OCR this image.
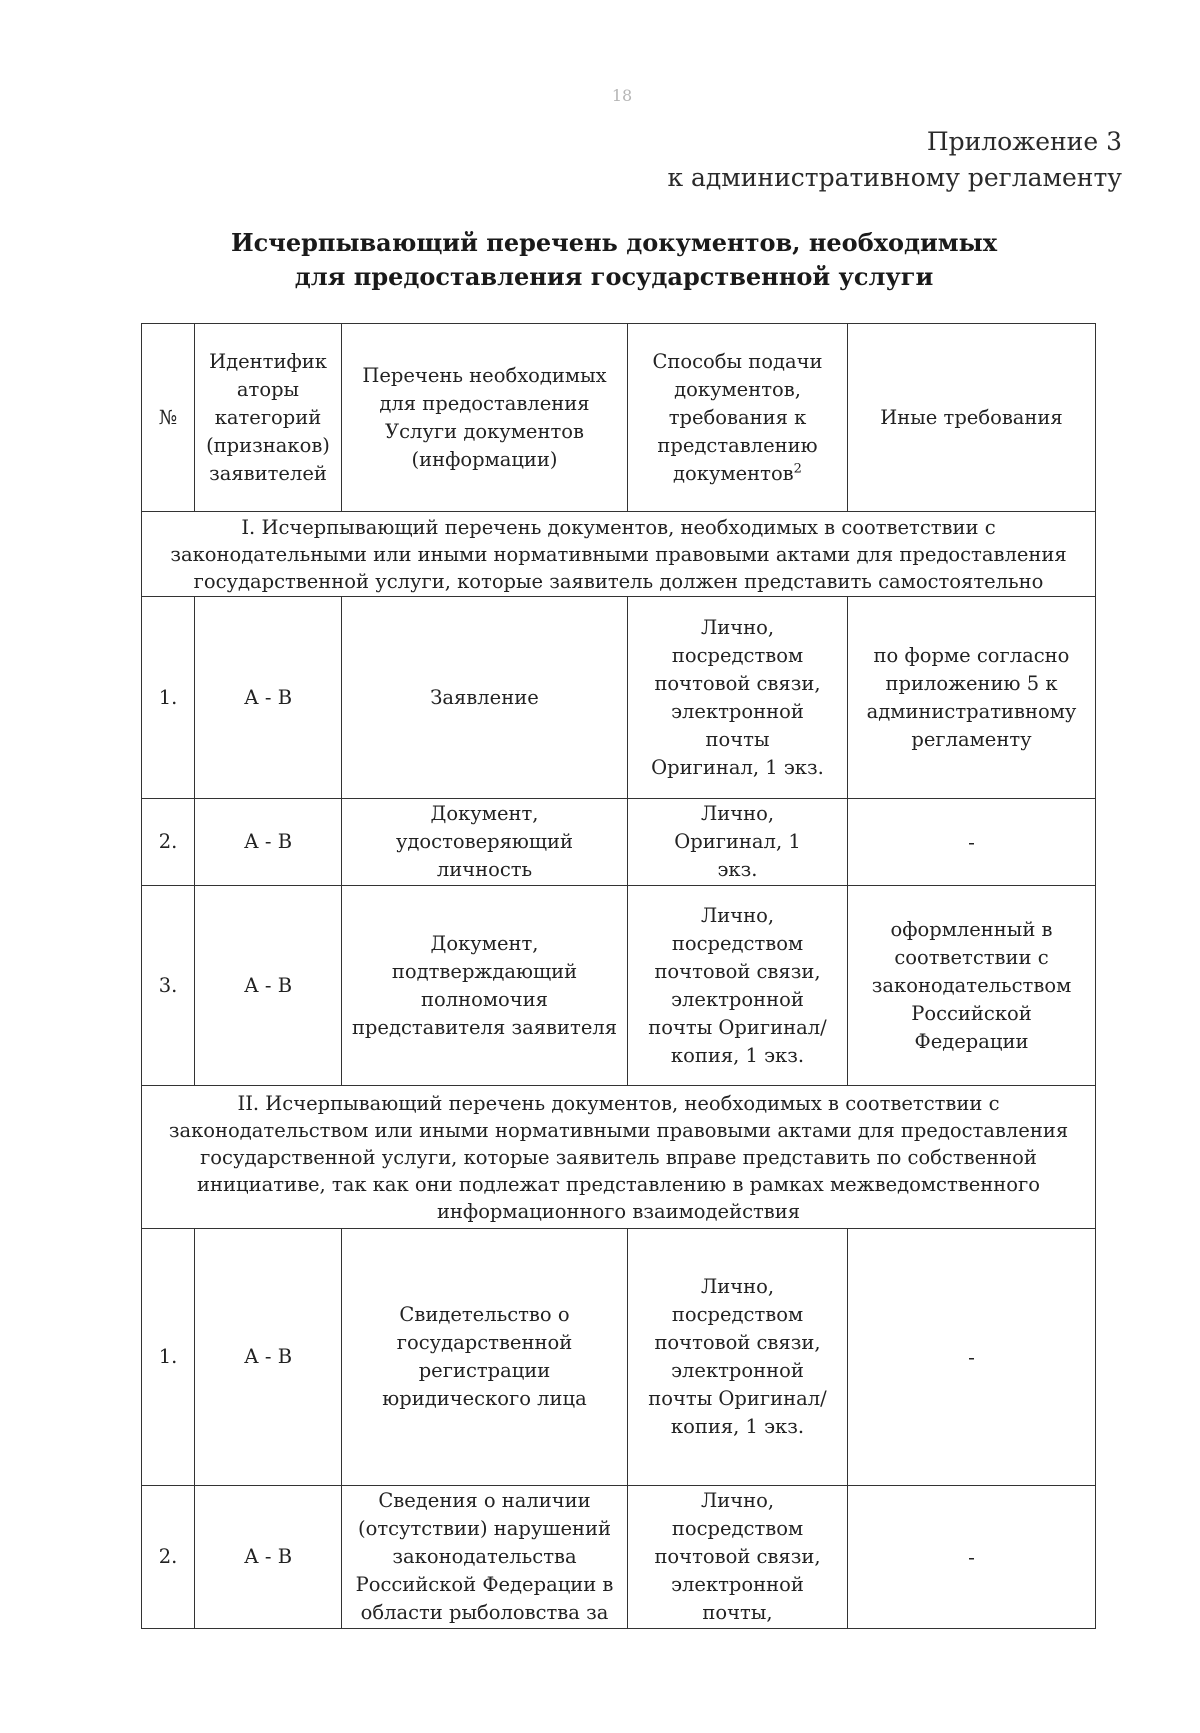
18
Приложение 3
к административному регламенту
Исчерпывающий перечень документов, необходимых
для предоставления государственной услуги
№	Идентифик аторы категорий (признаков) заявителей	Перечень необходимых для предоставления Услуги документов (информации)	Способы подачи документов, требования к представлению документов$^2$	Иные требования
I. Исчерпывающий перечень документов, необходимых в соответствии с законодательными или иными нормативными правовыми актами для предоставления государственной услуги, которые заявитель должен представить самостоятельно				
1.	А - В	Заявление	Лично, посредством почтовой связи, электронной почты Оригинал, 1 экз.	по форме согласно приложению 5 к административному регламенту
2.	А - В	Документ, удостоверяющий личность	Лично, Оригинал, 1 экз.	-
3.	А - В	Документ, подтверждающий полномочия представителя заявителя	Лично, посредством почтовой связи, электронной почты Оригинал/копия, 1 экз.	оформленный в соответствии с законодательством Российской Федерации
II. Исчерпывающий перечень документов, необходимых в соответствии с законодательством или иными нормативными правовыми актами для предоставления государственной услуги, которые заявитель вправе представить по собственной инициативе, так как они подлежат представлению в рамках межведомственного информационного взаимодействия				
1.	А - В	Свидетельство о государственной регистрации юридического лица	Лично, посредством почтовой связи, электронной почты Оригинал/копия, 1 экз.	-
2.	А - В	Сведения о наличии (отсутствии) нарушений законодательства Российской Федерации в области рыболовства за	Лично, посредством почтовой связи, электронной почты,	-
